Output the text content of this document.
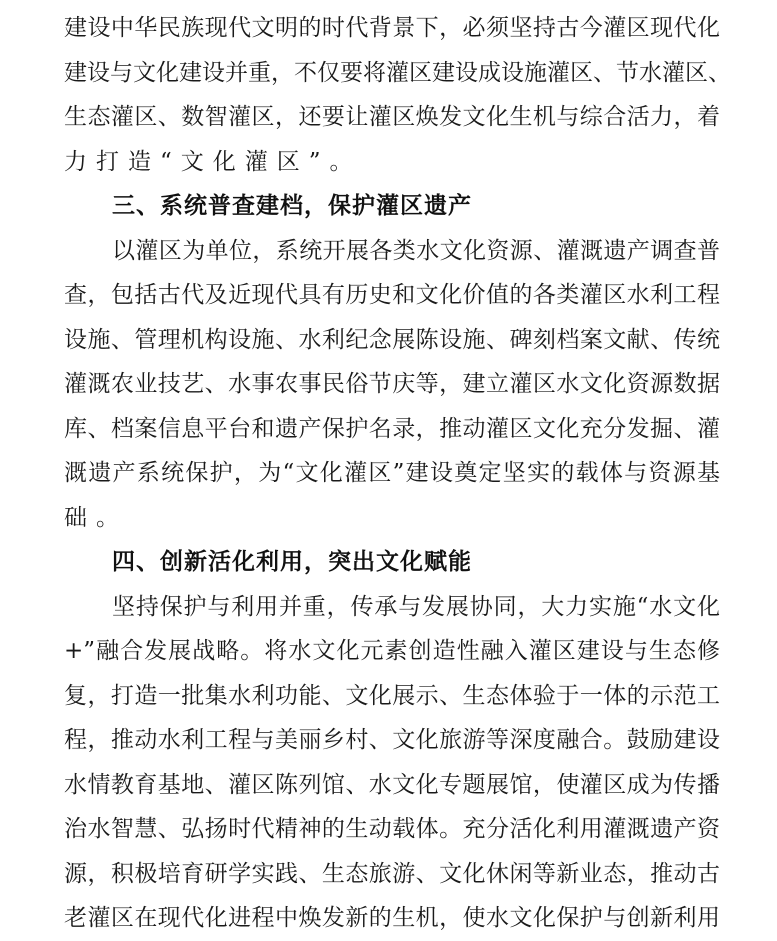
建设中华民族现代文明的时代背景下，必须坚持古今灌区现代化
建设与文化建设并重，不仅要将灌区建设成设施灌区、节水灌区、
生态灌区、数智灌区，还要让灌区焕发文化生机与综合活力，着
力打造“文化灌区”。
三、系统普查建档，保护灌区遗产
以灌区为单位，系统开展各类水文化资源、灌溉遗产调查普
查，包括古代及近现代具有历史和文化价值的各类灌区水利工程
设施、管理机构设施、水利纪念展陈设施、碑刻档案文献、传统
灌溉农业技艺、水事农事民俗节庆等，建立灌区水文化资源数据
库、档案信息平台和遗产保护名录，推动灌区文化充分发掘、灌
溉遗产系统保护，为“文化灌区”建设奠定坚实的载体与资源基
础。
四、创新活化利用，突出文化赋能
坚持保护与利用并重，传承与发展协同，大力实施“水文化
+”融合发展战略。将水文化元素创造性融入灌区建设与生态修
复，打造一批集水利功能、文化展示、生态体验于一体的示范工
程，推动水利工程与美丽乡村、文化旅游等深度融合。鼓励建设
水情教育基地、灌区陈列馆、水文化专题展馆，使灌区成为传播
治水智慧、弘扬时代精神的生动载体。充分活化利用灌溉遗产资
源，积极培育研学实践、生态旅游、文化休闲等新业态，推动古
老灌区在现代化进程中焕发新的生机，使水文化保护与创新利用
